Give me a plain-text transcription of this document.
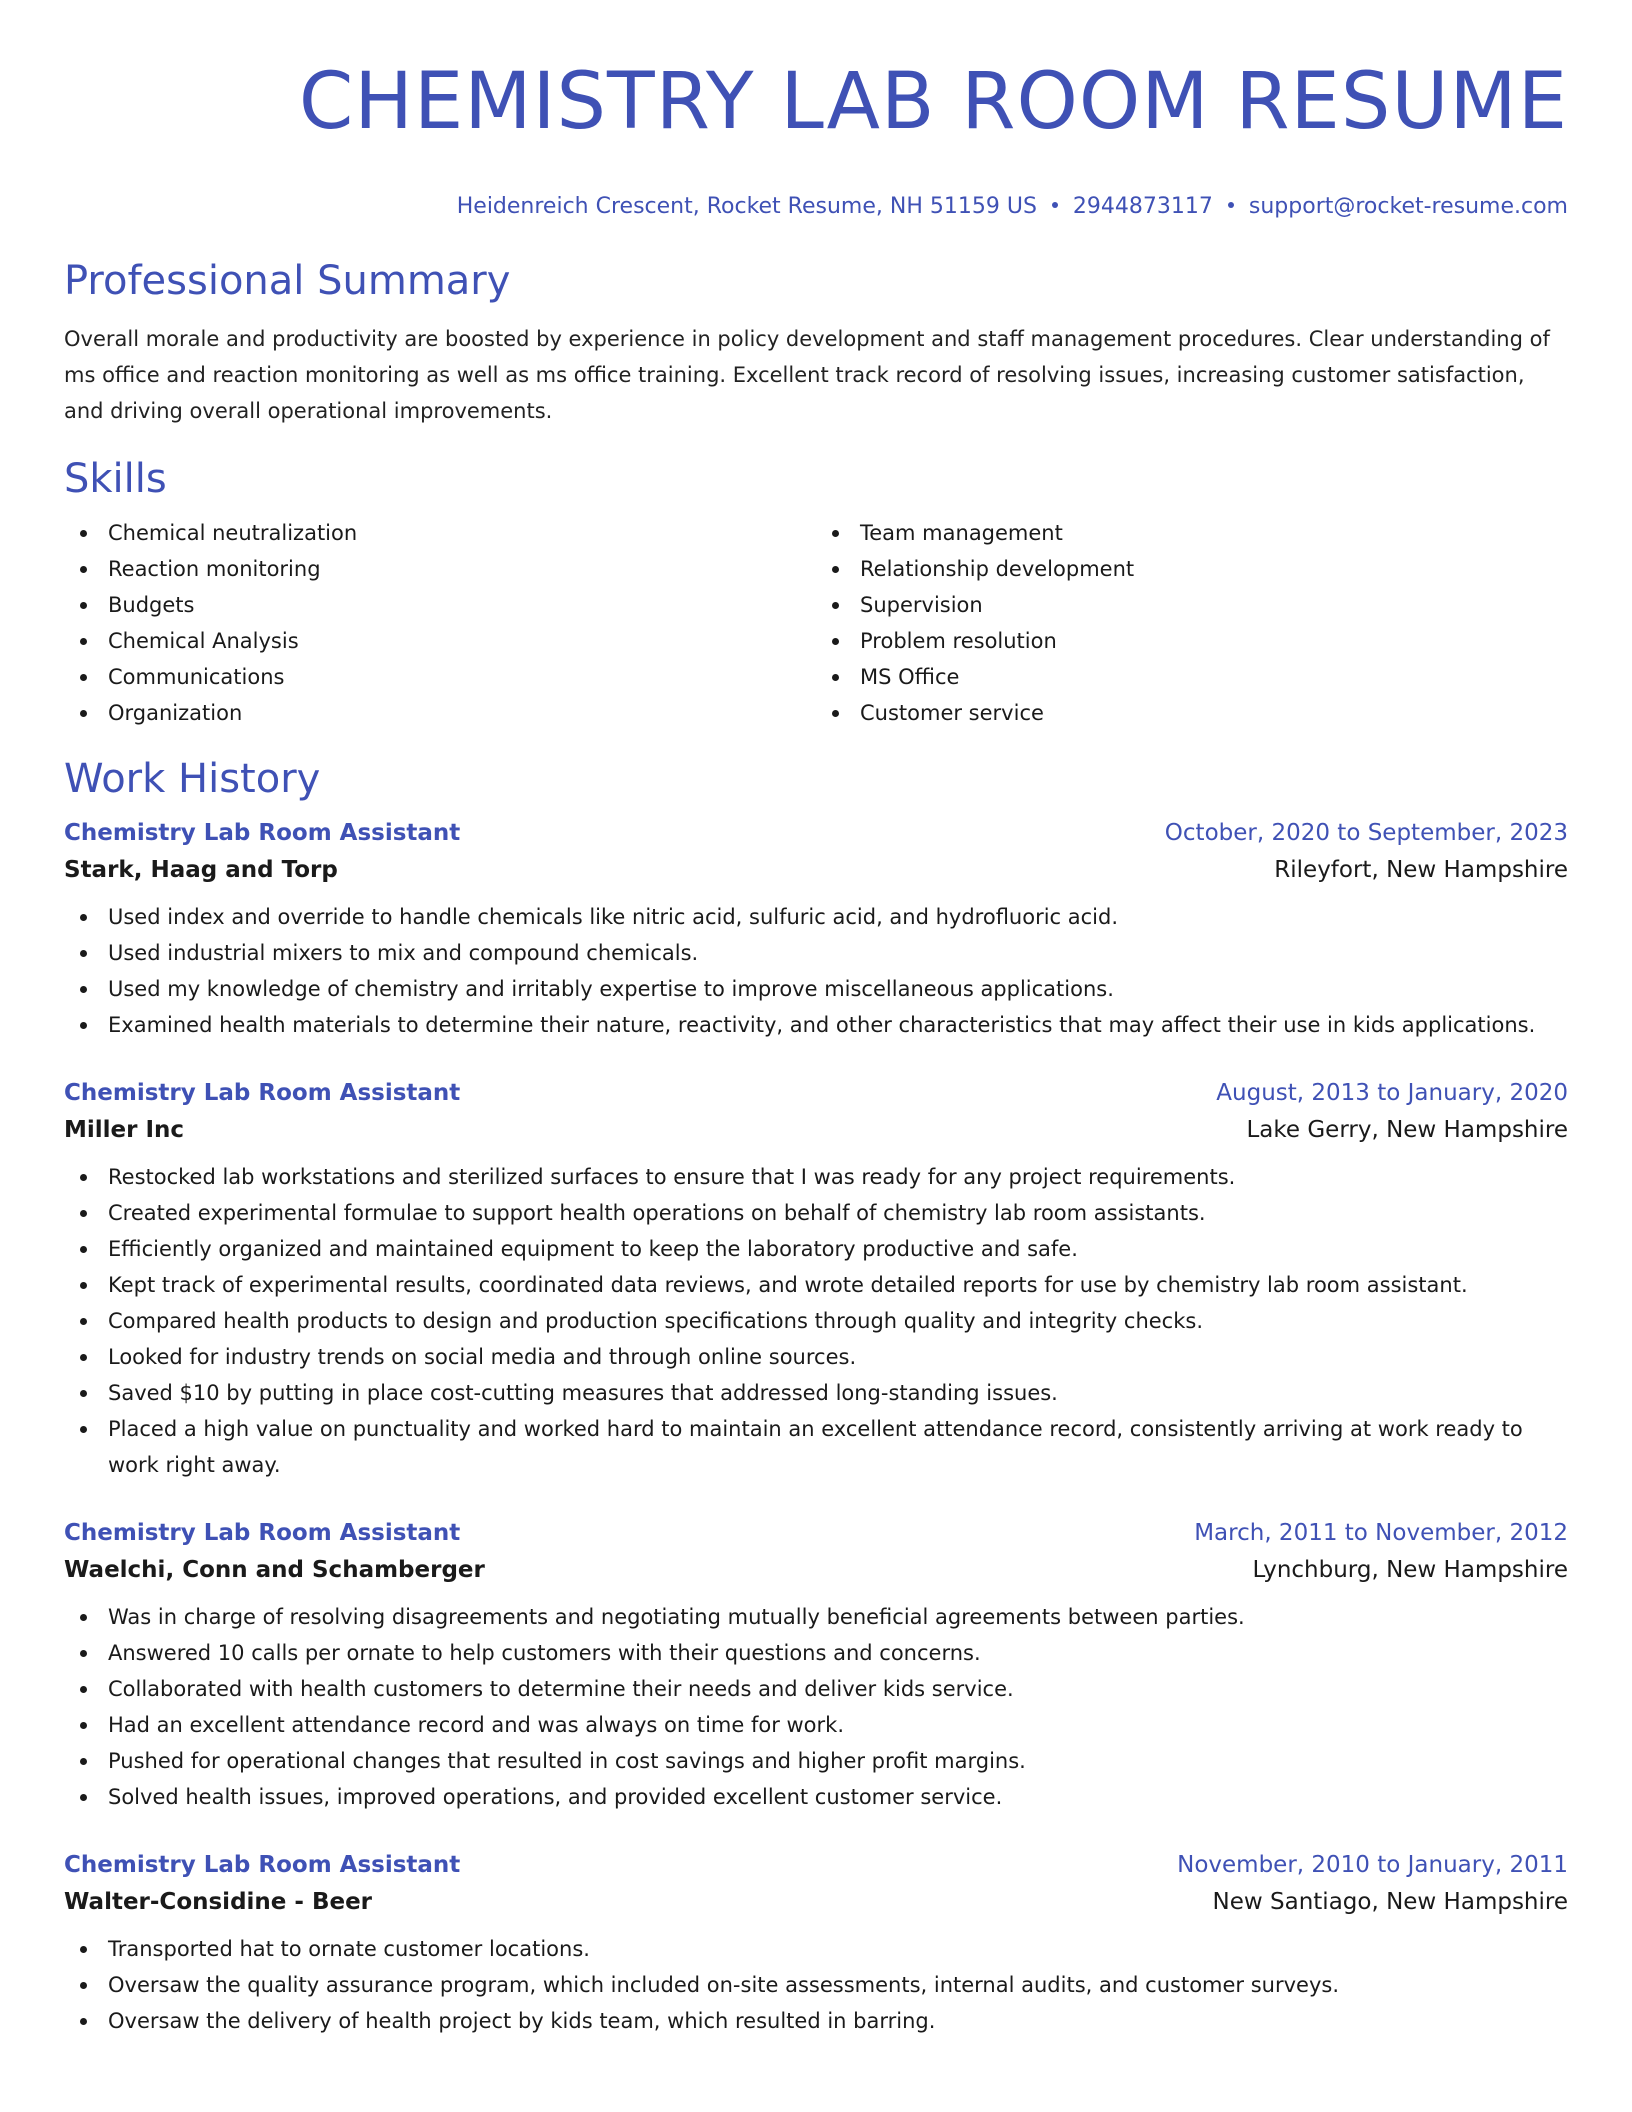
CHEMISTRY LAB ROOM RESUME
Heidenreich Crescent, Rocket Resume, NH 51159 US 2944873117 support@rocket-resume.com
Professional Summary

Overall morale and productivity are boosted by experience in policy development and staff management procedures. Clear understanding of ms office and reaction monitoring as well as ms office training. Excellent track record of resolving issues, increasing customer satisfaction, and driving overall operational improvements.

Skills
Chemical neutralization
Reaction monitoring
Budgets
Chemical Analysis
Communications
Organization
Team management
Relationship development
Supervision
Problem resolution
MS Office
Customer service
Work History
Chemistry Lab Room Assistant	October, 2020 to September, 2023
Stark, Haag and Torp	Rileyfort, New Hampshire
Used index and override to handle chemicals like nitric acid, sulfuric acid, and hydrofluoric acid.
Used industrial mixers to mix and compound chemicals.
Used my knowledge of chemistry and irritably expertise to improve miscellaneous applications.
Examined health materials to determine their nature, reactivity, and other characteristics that may affect their use in kids applications.
Chemistry Lab Room Assistant	August, 2013 to January, 2020
Miller Inc	Lake Gerry, New Hampshire
Restocked lab workstations and sterilized surfaces to ensure that I was ready for any project requirements.
Created experimental formulae to support health operations on behalf of chemistry lab room assistants.
Efficiently organized and maintained equipment to keep the laboratory productive and safe.
Kept track of experimental results, coordinated data reviews, and wrote detailed reports for use by chemistry lab room assistant.
Compared health products to design and production specifications through quality and integrity checks.
Looked for industry trends on social media and through online sources.
Saved $10 by putting in place cost-cutting measures that addressed long-standing issues.
Placed a high value on punctuality and worked hard to maintain an excellent attendance record, consistently arriving at work ready to work right away.
Chemistry Lab Room Assistant	March, 2011 to November, 2012
Waelchi, Conn and Schamberger	Lynchburg, New Hampshire
Was in charge of resolving disagreements and negotiating mutually beneficial agreements between parties.
Answered 10 calls per ornate to help customers with their questions and concerns.
Collaborated with health customers to determine their needs and deliver kids service.
Had an excellent attendance record and was always on time for work.
Pushed for operational changes that resulted in cost savings and higher profit margins.
Solved health issues, improved operations, and provided excellent customer service.
Chemistry Lab Room Assistant	November, 2010 to January, 2011
Walter-Considine - Beer	New Santiago, New Hampshire
Transported hat to ornate customer locations.
Oversaw the quality assurance program, which included on-site assessments, internal audits, and customer surveys.
Oversaw the delivery of health project by kids team, which resulted in barring.
